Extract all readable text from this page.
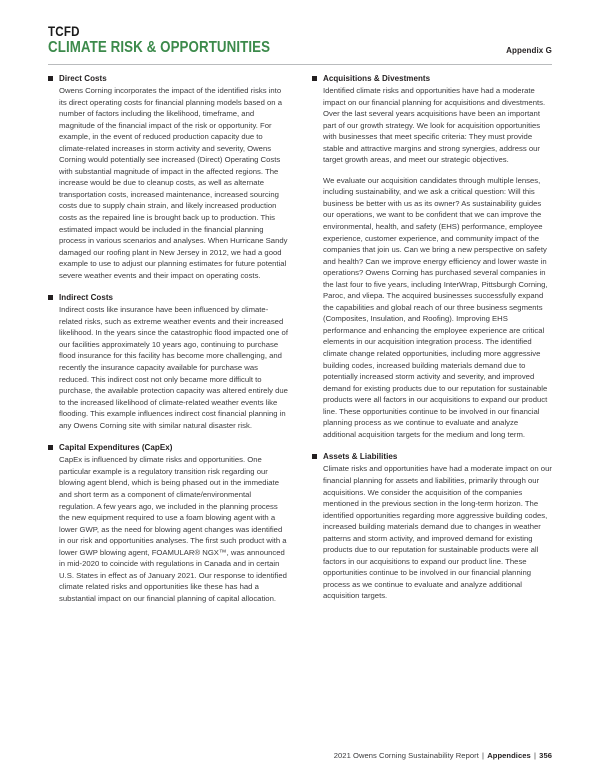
TCFD
CLIMATE RISK & OPPORTUNITIES	Appendix G
Direct Costs

Owens Corning incorporates the impact of the identified risks into its direct operating costs for financial planning models based on a number of factors including the likelihood, timeframe, and magnitude of the financial impact of the risk or opportunity. For example, in the event of reduced production capacity due to climate-related increases in storm activity and severity, Owens Corning would potentially see increased (Direct) Operating Costs with substantial magnitude of impact in the affected regions. The increase would be due to cleanup costs, as well as alternate transportation costs, increased maintenance, increased sourcing costs due to supply chain strain, and likely increased production costs as the repaired line is brought back up to production. This estimated impact would be included in the financial planning process in various scenarios and analyses. When Hurricane Sandy damaged our roofing plant in New Jersey in 2012, we had a good example to use to adjust our planning estimates for future potential severe weather events and their impact on operating costs.

Indirect Costs

Indirect costs like insurance have been influenced by climate-related risks, such as extreme weather events and their increased likelihood. In the years since the catastrophic flood impacted one of our facilities approximately 10 years ago, continuing to purchase flood insurance for this facility has become more challenging, and recently the insurance capacity available for purchase was reduced. This indirect cost not only became more difficult to purchase, the available protection capacity was altered entirely due to the increased likelihood of climate-related weather events like flooding. This example influences indirect cost financial planning in any Owens Corning site with similar natural disaster risk.

Capital Expenditures (CapEx)

CapEx is influenced by climate risks and opportunities. One particular example is a regulatory transition risk regarding our blowing agent blend, which is being phased out in the immediate and short term as a component of climate/environmental regulation. A few years ago, we included in the planning process the new equipment required to use a foam blowing agent with a lower GWP, as the need for blowing agent changes was identified in our risk and opportunities analyses. The first such product with a lower GWP blowing agent, FOAMULAR® NGX™, was announced in mid-2020 to coincide with regulations in Canada and in certain U.S. States in effect as of January 2021. Our response to identified climate related risks and opportunities like these has had a substantial impact on our financial planning of capital allocation.

Acquisitions & Divestments

Identified climate risks and opportunities have had a moderate impact on our financial planning for acquisitions and divestments. Over the last several years acquisitions have been an important part of our growth strategy. We look for acquisition opportunities with businesses that meet specific criteria: They must provide stable and attractive margins and strong synergies, address our target growth areas, and meet our strategic objectives.

We evaluate our acquisition candidates through multiple lenses, including sustainability, and we ask a critical question: Will this business be better with us as its owner? As sustainability guides our operations, we want to be confident that we can improve the environmental, health, and safety (EHS) performance, employee experience, customer experience, and community impact of the companies that join us. Can we bring a new perspective on safety and health? Can we improve energy efficiency and lower waste in operations? Owens Corning has purchased several companies in the last four to five years, including InterWrap, Pittsburgh Corning, Paroc, and vliepa. The acquired businesses successfully expand the capabilities and global reach of our three business segments (Composites, Insulation, and Roofing). Improving EHS performance and enhancing the employee experience are critical elements in our acquisition integration process. The identified climate change related opportunities, including more aggressive building codes, increased building materials demand due to potentially increased storm activity and severity, and improved demand for existing products due to our reputation for sustainable products were all factors in our acquisitions to expand our product line. These opportunities continue to be involved in our financial planning process as we continue to evaluate and analyze additional acquisition targets for the medium and long term.

Assets & Liabilities

Climate risks and opportunities have had a moderate impact on our financial planning for assets and liabilities, primarily through our acquisitions. We consider the acquisition of the companies mentioned in the previous section in the long-term horizon. The identified opportunities regarding more aggressive building codes, increased building materials demand due to changes in weather patterns and storm activity, and improved demand for existing products due to our reputation for sustainable products were all factors in our acquisitions to expand our product line. These opportunities continue to be involved in our financial planning process as we continue to evaluate and analyze additional acquisition targets.

2021 Owens Corning Sustainability Report | Appendices | 356
